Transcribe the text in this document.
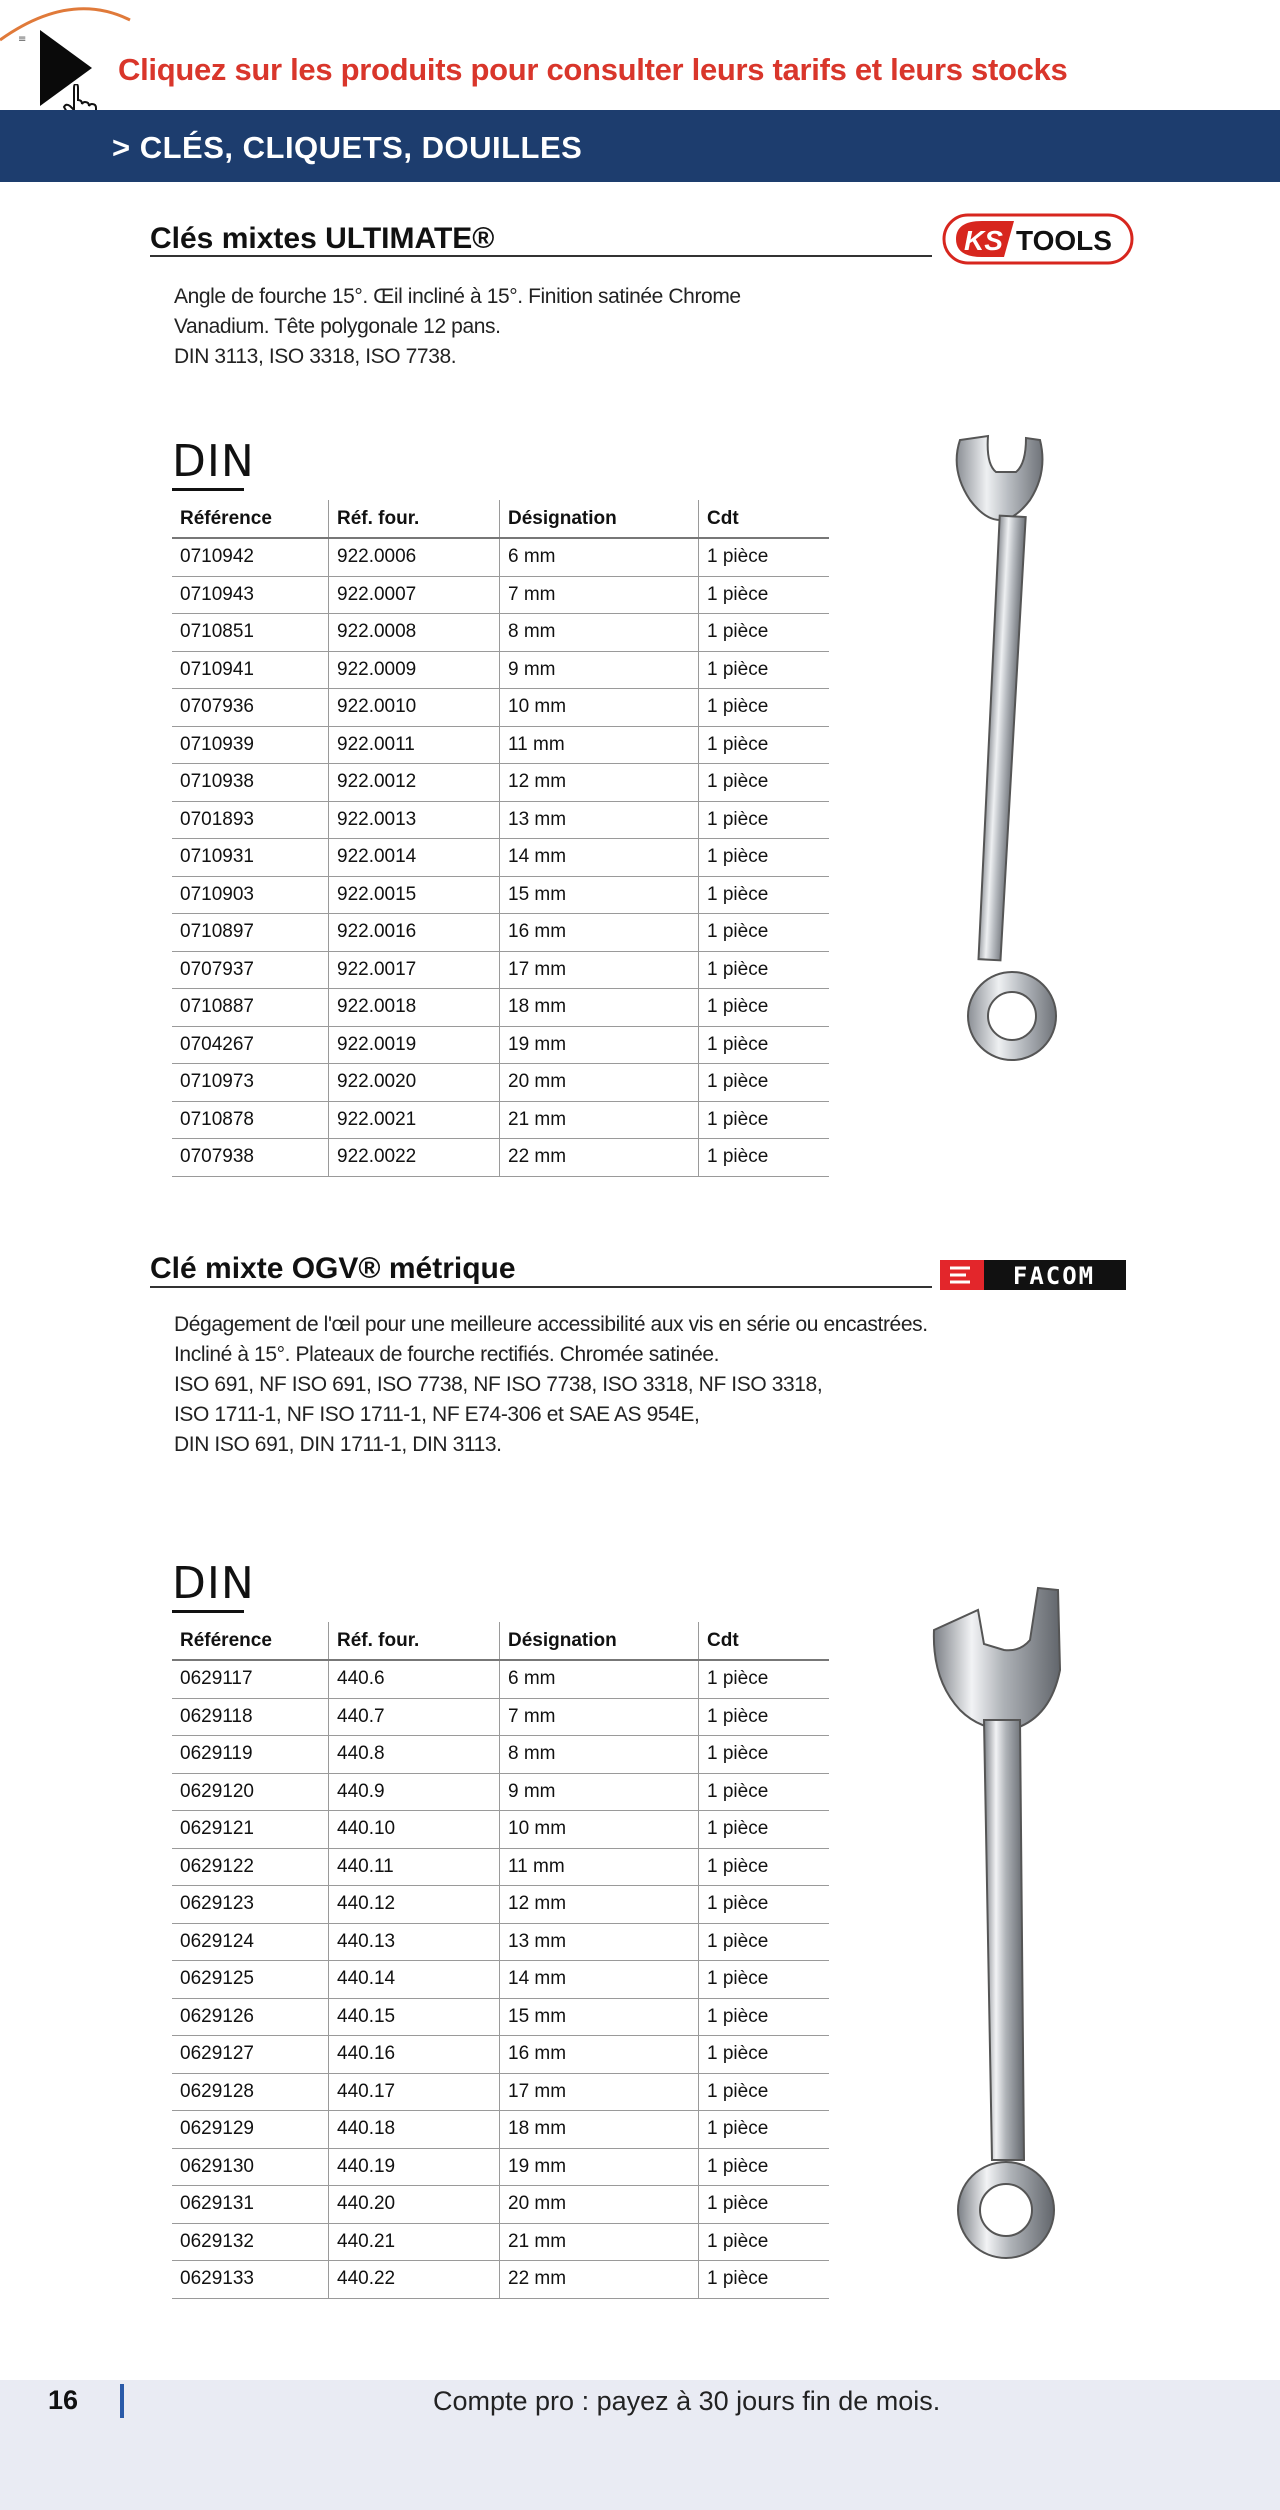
≡
Cliquez sur les produits pour consulter leurs tarifs et leurs stocks
> CLÉS, CLIQUETS, DOUILLES
Clés mixtes ULTIMATE®	KS TOOLS
Angle de fourche 15°. Œil incliné à 15°. Finition satinée Chrome
Vanadium. Tête polygonale 12 pans.
DIN 3113, ISO 3318, ISO 7738.
DIN
Référence	Réf. four.	Désignation	Cdt
0710942	922.0006	6 mm	1 pièce
0710943	922.0007	7 mm	1 pièce
0710851	922.0008	8 mm	1 pièce
0710941	922.0009	9 mm	1 pièce
0707936	922.0010	10 mm	1 pièce
0710939	922.0011	11 mm	1 pièce
0710938	922.0012	12 mm	1 pièce
0701893	922.0013	13 mm	1 pièce
0710931	922.0014	14 mm	1 pièce
0710903	922.0015	15 mm	1 pièce
0710897	922.0016	16 mm	1 pièce
0707937	922.0017	17 mm	1 pièce
0710887	922.0018	18 mm	1 pièce
0704267	922.0019	19 mm	1 pièce
0710973	922.0020	20 mm	1 pièce
0710878	922.0021	21 mm	1 pièce
0707938	922.0022	22 mm	1 pièce
Clé mixte OGV® métrique	FACOM
Dégagement de l'œil pour une meilleure accessibilité aux vis en série ou encastrées.
Incliné à 15°. Plateaux de fourche rectifiés. Chromée satinée.
ISO 691, NF ISO 691, ISO 7738, NF ISO 7738, ISO 3318, NF ISO 3318,
ISO 1711-1, NF ISO 1711-1, NF E74-306 et SAE AS 954E,
DIN ISO 691, DIN 1711-1, DIN 3113.
DIN
Référence	Réf. four.	Désignation	Cdt
0629117	440.6	6 mm	1 pièce
0629118	440.7	7 mm	1 pièce
0629119	440.8	8 mm	1 pièce
0629120	440.9	9 mm	1 pièce
0629121	440.10	10 mm	1 pièce
0629122	440.11	11 mm	1 pièce
0629123	440.12	12 mm	1 pièce
0629124	440.13	13 mm	1 pièce
0629125	440.14	14 mm	1 pièce
0629126	440.15	15 mm	1 pièce
0629127	440.16	16 mm	1 pièce
0629128	440.17	17 mm	1 pièce
0629129	440.18	18 mm	1 pièce
0629130	440.19	19 mm	1 pièce
0629131	440.20	20 mm	1 pièce
0629132	440.21	21 mm	1 pièce
0629133	440.22	22 mm	1 pièce
16	Compte pro : payez à 30 jours fin de mois.
